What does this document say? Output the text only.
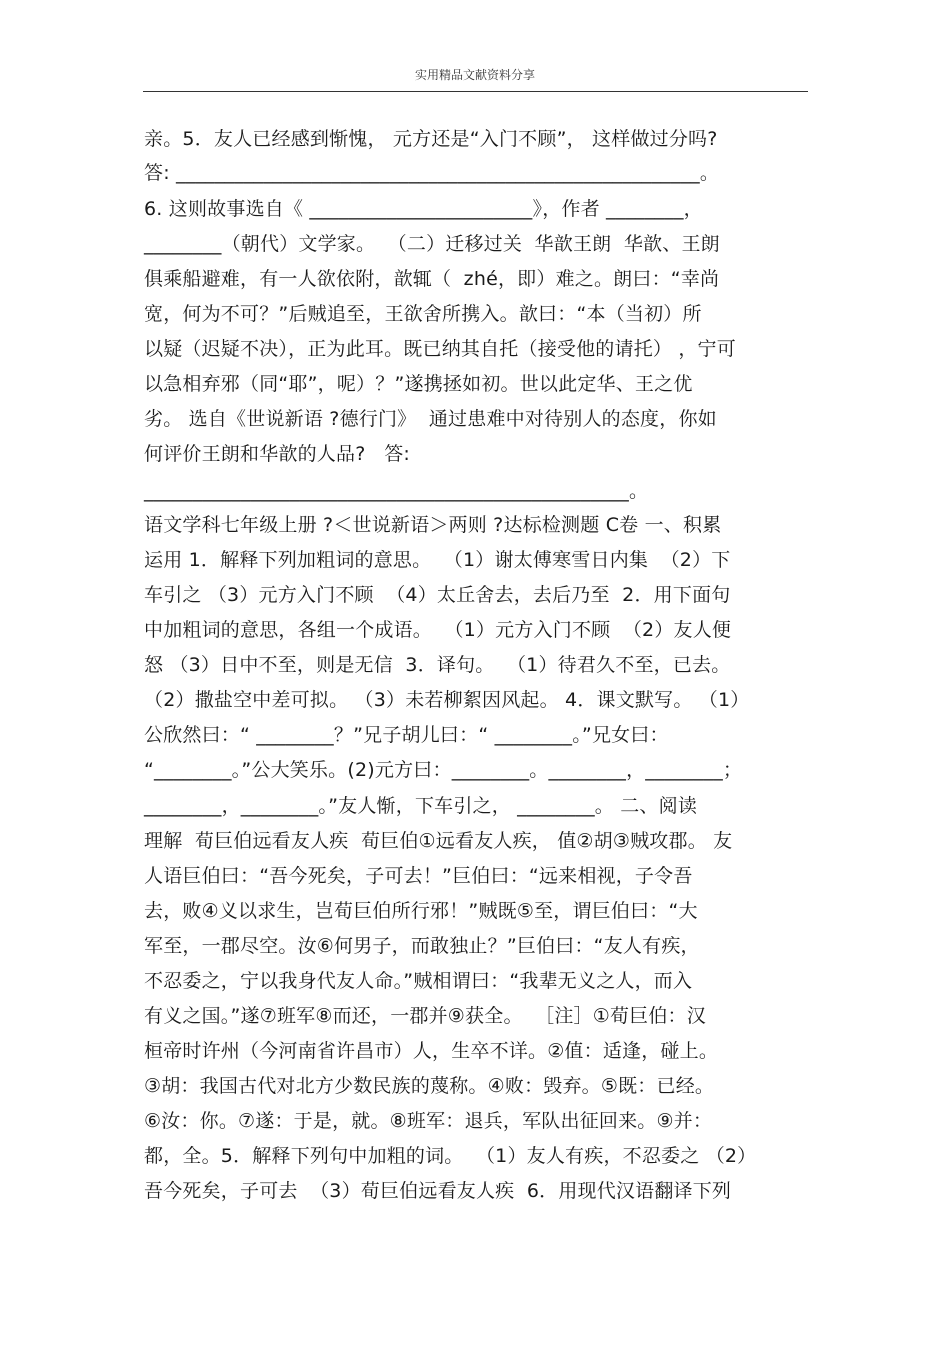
实用精品文献资料分享
亲。5．友人已经感到惭愧， 元方还是“入门不顾”， 这样做过分吗?
答: ______________________________________________________。
6. 这则故事选自《 _______________________》，作者 ________，
________（朝代）文学家。  （二）迁移过关  华歆王朗  华歆、王朗
俱乘船避难，有一人欲依附，歆辄（  zhé，即）难之。朗曰：“幸尚
宽，何为不可？”后贼追至，王欲舍所携入。歆曰：“本（当初）所
以疑（迟疑不决），正为此耳。既已纳其自托（接受他的请托） ，宁可
以急相弃邪（同“耶”，呢）？”遂携拯如初。世以此定华、王之优
劣。 选自《世说新语 ?德行门》  通过患难中对待别人的态度，你如
何评价王朗和华歆的人品?   答:
__________________________________________________。
语文学科七年级上册 ?＜世说新语＞两则 ?达标检测题 C卷 一、积累
运用 1．解释下列加粗词的意思。  （1）谢太傅寒雪日内集  （2）下
车引之 （3）元方入门不顾  （4）太丘舍去，去后乃至  2．用下面句
中加粗词的意思，各组一个成语。  （1）元方入门不顾  （2）友人便
怒 （3）日中不至，则是无信  3．译句。  （1）待君久不至，已去。
（2）撒盐空中差可拟。 （3）未若柳絮因风起。 4．课文默写。 （1）
公欣然曰：“ ________？”兄子胡儿曰：“ ________。”兄女曰：
“________。”公大笑乐。(2)元方曰：________。________，________；
________，________。”友人惭，下车引之， ________。 二、阅读
理解  荀巨伯远看友人疾  荀巨伯①远看友人疾， 值②胡③贼攻郡。 友
人语巨伯曰：“吾今死矣，子可去！”巨伯曰：“远来相视，子令吾
去，败④义以求生，岂荀巨伯所行邪！”贼既⑤至，谓巨伯曰：“大
军至，一郡尽空。汝⑥何男子，而敢独止？”巨伯曰：“友人有疾，
不忍委之，宁以我身代友人命。”贼相谓曰：“我辈无义之人，而入
有义之国。”遂⑦班军⑧而还，一郡并⑨获全。  ［注］①荀巨伯：汉
桓帝时许州（今河南省许昌市）人，生卒不详。②值：适逢，碰上。
③胡：我国古代对北方少数民族的蔑称。④败：毁弃。⑤既：已经。
⑥汝：你。⑦遂：于是，就。⑧班军：退兵，军队出征回来。⑨并：
都，全。5．解释下列句中加粗的词。  （1）友人有疾，不忍委之 （2）
吾今死矣，子可去  （3）荀巨伯远看友人疾  6．用现代汉语翻译下列
